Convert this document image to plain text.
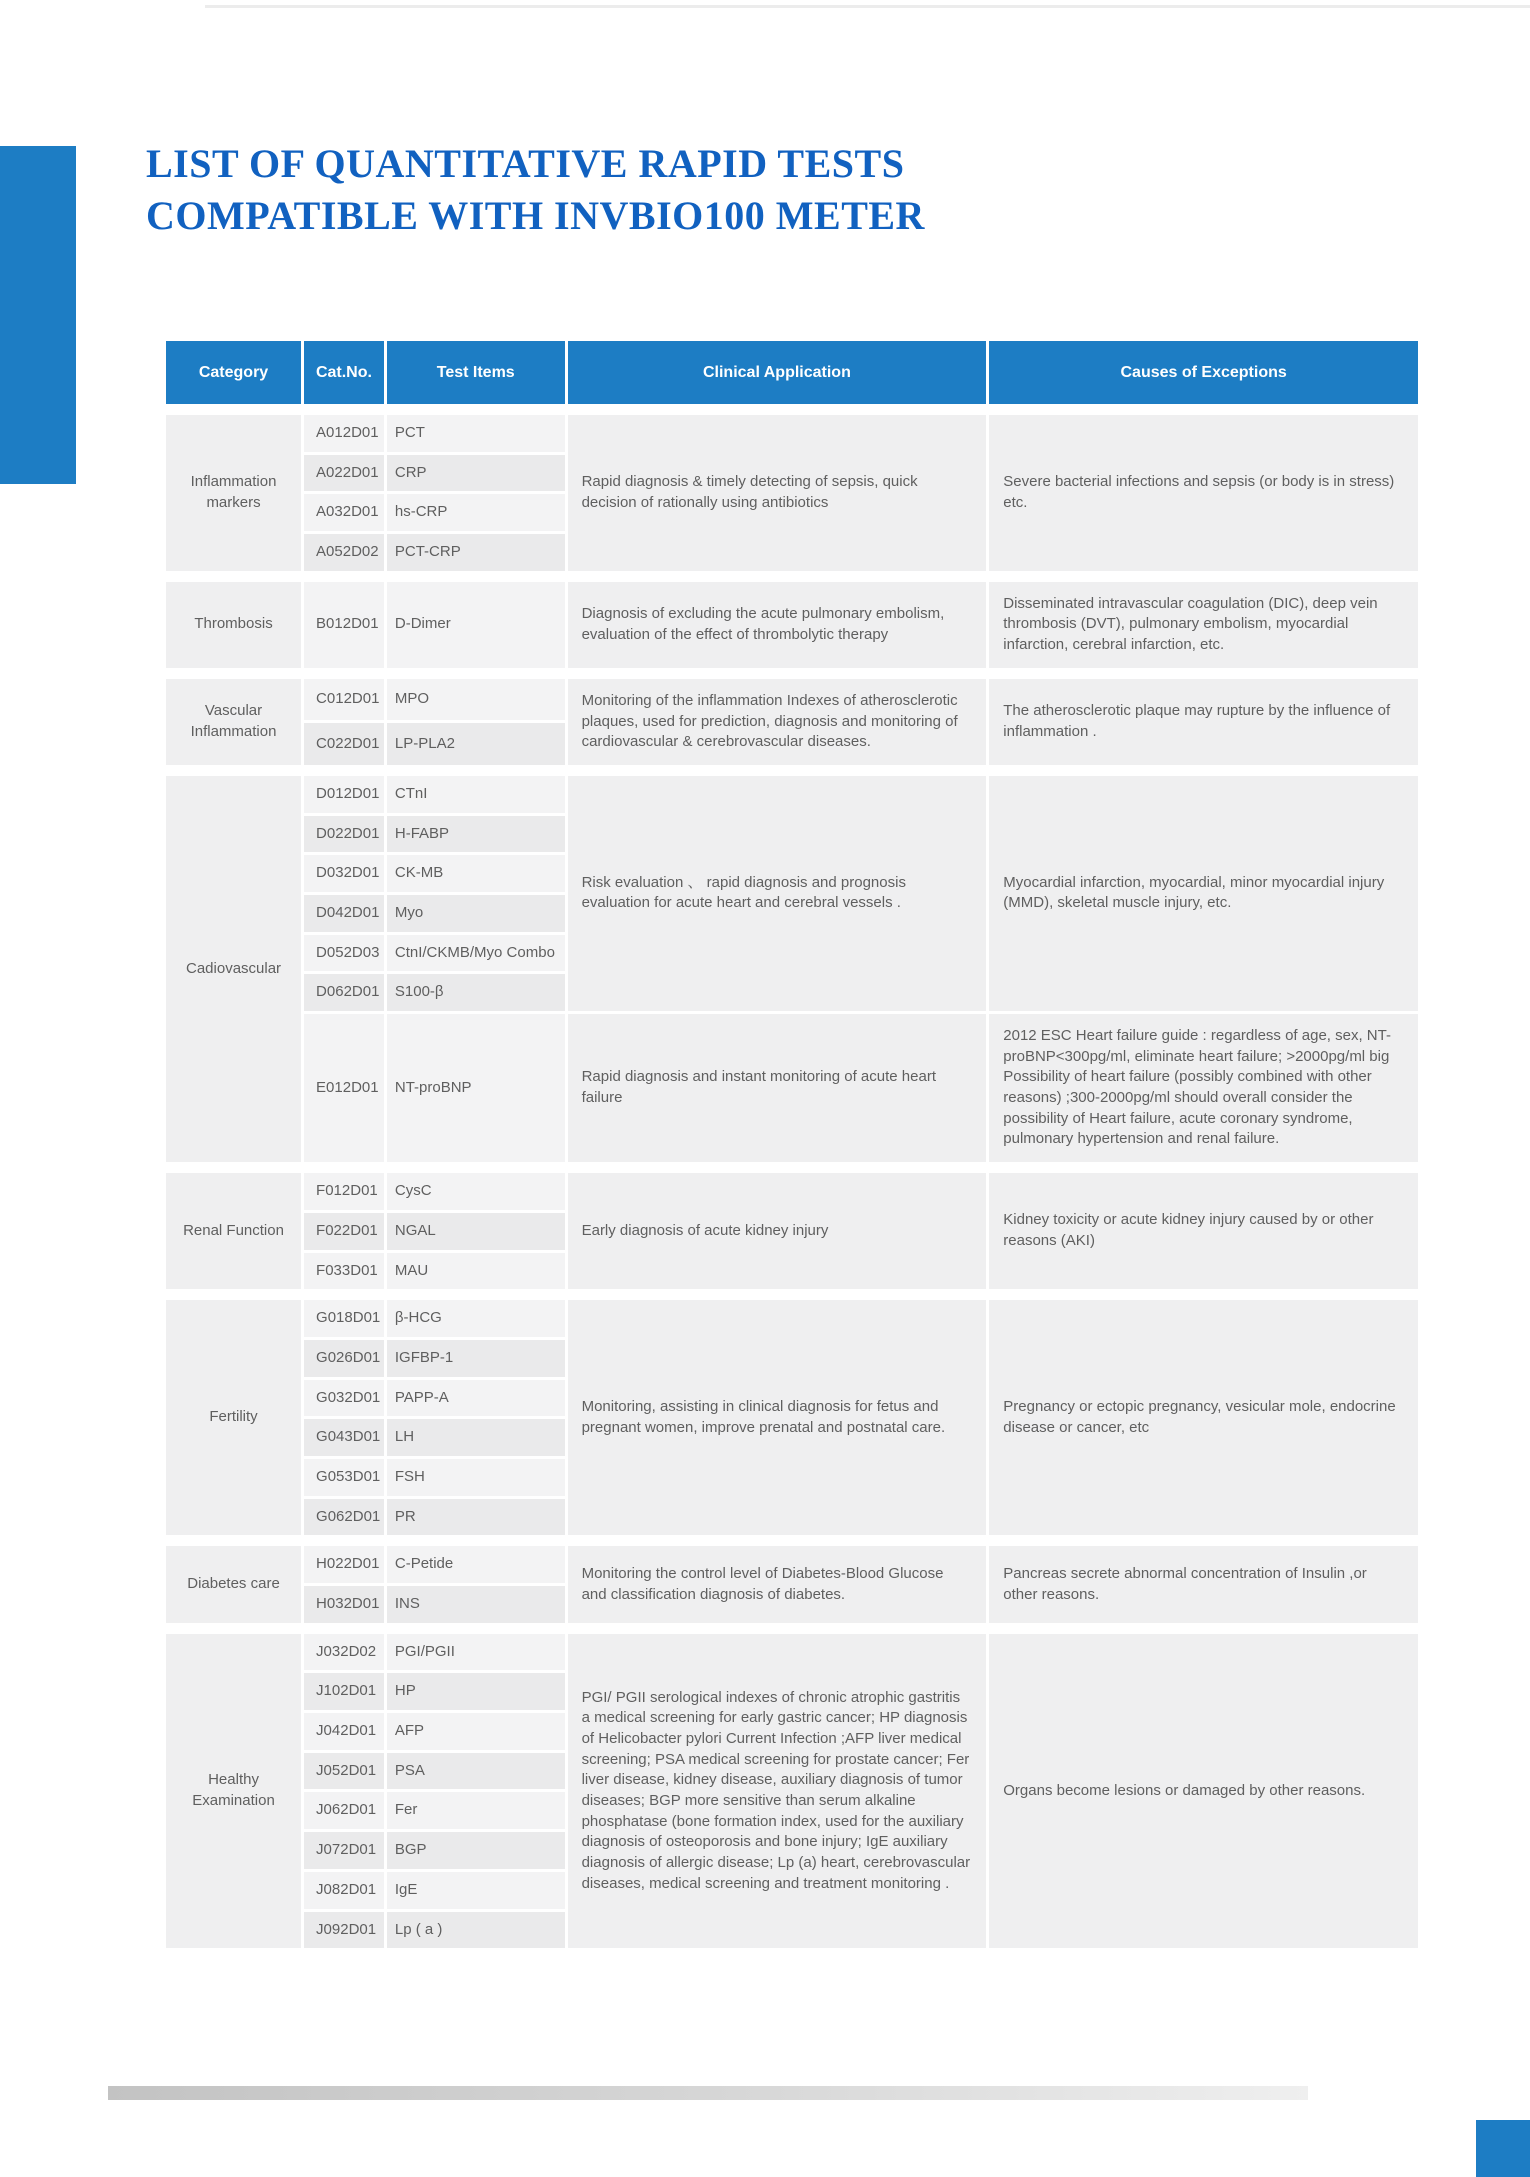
LIST OF QUANTITATIVE RAPID TESTS
COMPATIBLE WITH INVBIO100 METER
Category	Cat.No.	Test Items	Clinical Application	Causes of Exceptions
Inflammation markers	A012D01	PCT	Rapid diagnosis & timely detecting of sepsis, quick decision of rationally using antibiotics	Severe bacterial infections and sepsis (or body is in stress) etc.
	A022D01	CRP		
	A032D01	hs-CRP		
	A052D02	PCT-CRP		
Thrombosis	B012D01	D-Dimer	Diagnosis of excluding the acute pulmonary embolism, evaluation of the effect of thrombolytic therapy	Disseminated intravascular coagulation (DIC), deep vein thrombosis (DVT), pulmonary embolism, myocardial infarction, cerebral infarction, etc.
Vascular Inflammation	C012D01	MPO	Monitoring of the inflammation Indexes of atherosclerotic plaques, used for prediction, diagnosis and monitoring of cardiovascular & cerebrovascular diseases.	The atherosclerotic plaque may rupture by the influence of inflammation .
	C022D01	LP-PLA2		
Cadiovascular	D012D01	CTnI	Risk evaluation 、 rapid diagnosis and prognosis evaluation for acute heart and cerebral vessels .	Myocardial infarction, myocardial, minor myocardial injury (MMD), skeletal muscle injury, etc.
	D022D01	H-FABP		
	D032D01	CK-MB		
	D042D01	Myo		
	D052D03	CtnI/CKMB/Myo Combo		
	D062D01	S100-β		
	E012D01	NT-proBNP	Rapid diagnosis and instant monitoring of acute heart failure	2012 ESC Heart failure guide : regardless of age, sex, NT-proBNP<300pg/ml, eliminate heart failure; >2000pg/ml big Possibility of heart failure (possibly combined with other reasons) ;300-2000pg/ml should overall consider the possibility of Heart failure, acute coronary syndrome, pulmonary hypertension and renal failure.
Renal Function	F012D01	CysC	Early diagnosis of acute kidney injury	Kidney toxicity or acute kidney injury caused by or other reasons (AKI)
	F022D01	NGAL		
	F033D01	MAU		
Fertility	G018D01	β-HCG	Monitoring, assisting in clinical diagnosis for fetus and pregnant women, improve prenatal and postnatal care.	Pregnancy or ectopic pregnancy, vesicular mole, endocrine disease or cancer, etc
	G026D01	IGFBP-1		
	G032D01	PAPP-A		
	G043D01	LH		
	G053D01	FSH		
	G062D01	PR		
Diabetes care	H022D01	C-Petide	Monitoring the control level of Diabetes-Blood Glucose and classification diagnosis of diabetes.	Pancreas secrete abnormal concentration of Insulin ,or other reasons.
	H032D01	INS		
Healthy Examination	J032D02	PGI/PGII	PGI/ PGII serological indexes of chronic atrophic gastritis a medical screening for early gastric cancer; HP diagnosis of Helicobacter pylori Current Infection ;AFP liver medical screening; PSA medical screening for prostate cancer; Fer liver disease, kidney disease, auxiliary diagnosis of tumor diseases; BGP more sensitive than serum alkaline phosphatase (bone formation index, used for the auxiliary diagnosis of osteoporosis and bone injury; IgE auxiliary diagnosis of allergic disease; Lp (a) heart, cerebrovascular diseases, medical screening and treatment monitoring .	Organs become lesions or damaged by other reasons.
	J102D01	HP		
	J042D01	AFP		
	J052D01	PSA		
	J062D01	Fer		
	J072D01	BGP		
	J082D01	IgE		
	J092D01	Lp ( a )		
